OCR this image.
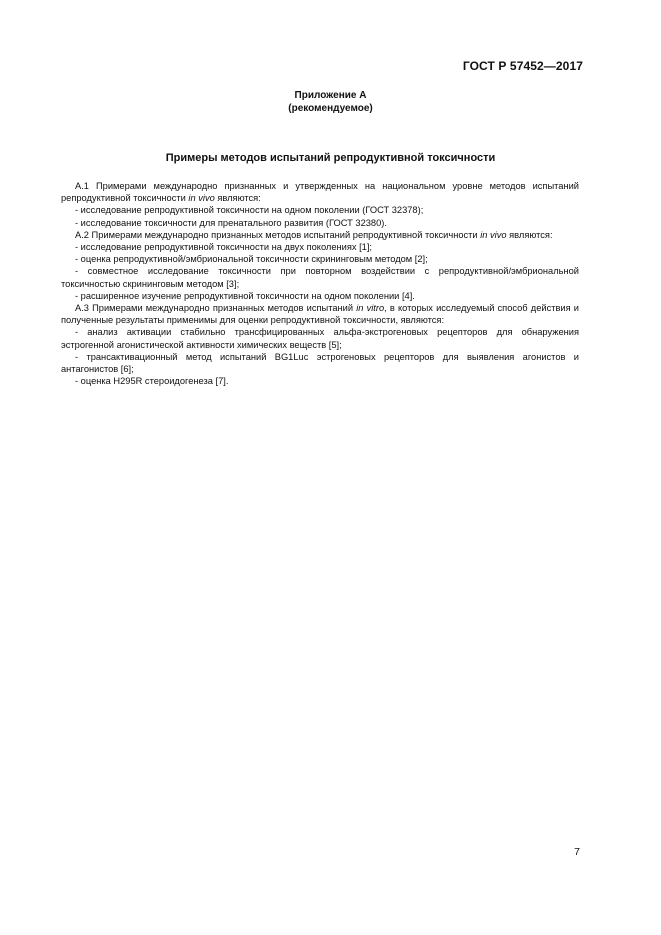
ГОСТ Р 57452—2017
Приложение А
(рекомендуемое)
Примеры методов испытаний репродуктивной токсичности

А.1 Примерами международно признанных и утвержденных на национальном уровне методов испытаний репродуктивной токсичности in vivo являются:

- исследование репродуктивной токсичности на одном поколении (ГОСТ 32378);

- исследование токсичности для пренатального развития (ГОСТ 32380).

А.2 Примерами международно признанных методов испытаний репродуктивной токсичности in vivo являются:

- исследование репродуктивной токсичности на двух поколениях [1];

- оценка репродуктивной/эмбриональной токсичности скрининговым методом [2];

- совместное исследование токсичности при повторном воздействии с репродуктивной/эмбриональной токсичностью скрининговым методом [3];

- расширенное изучение репродуктивной токсичности на одном поколении [4].

А.3 Примерами международно признанных методов испытаний in vitro, в которых исследуемый способ действия и полученные результаты применимы для оценки репродуктивной токсичности, являются:

- анализ активации стабильно трансфицированных альфа-экстрогеновых рецепторов для обнаружения эстрогенной агонистической активности химических веществ [5];

- трансактивационный метод испытаний BG1Luc эстрогеновых рецепторов для выявления агонистов и антагонистов [6];

- оценка H295R стероидогенеза [7].

7
